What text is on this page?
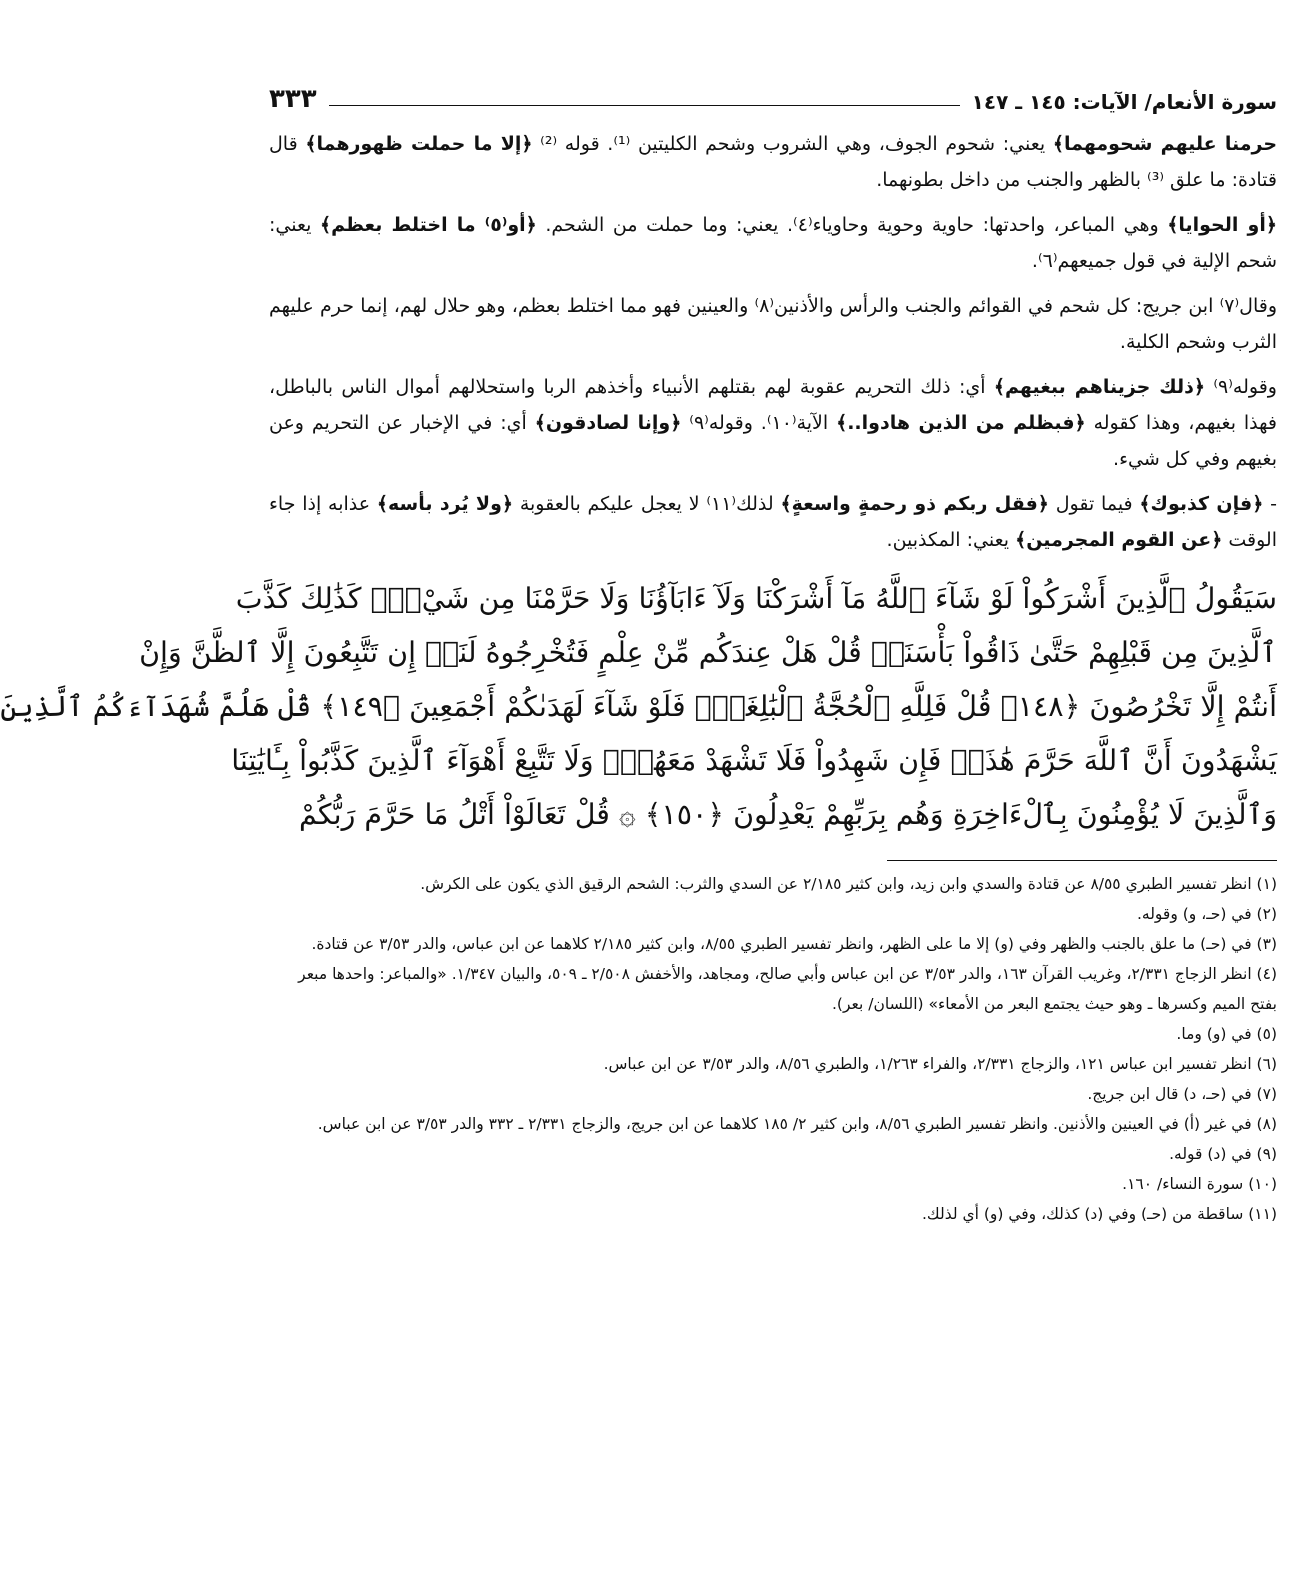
سورة الأنعام/ الآيات: ١٤٥ ـ ١٤٧
٣٣٣

حرمنا عليهم شحومهما﴾ يعني: شحوم الجوف، وهي الشروب وشحم الكليتين ⁽¹⁾. قوله ⁽²⁾ ﴿إلا ما حملت ظهورهما﴾ قال قتادة: ما علق ⁽³⁾ بالظهر والجنب من داخل بطونهما.

﴿أو الحوايا﴾ وهي المباعر، واحدتها: حاوية وحوية وحاوياء⁽٤⁾. يعني: وما حملت من الشحم. ﴿أو⁽٥⁾ ما اختلط بعظم﴾ يعني: شحم الإلية في قول جميعهم⁽٦⁾.

وقال⁽٧⁾ ابن جريج: كل شحم في القوائم والجنب والرأس والأذنين⁽٨⁾ والعينين فهو مما اختلط بعظم، وهو حلال لهم، إنما حرم عليهم الثرب وشحم الكلية.

وقوله⁽٩⁾ ﴿ذلك جزيناهم ببغيهم﴾ أي: ذلك التحريم عقوبة لهم بقتلهم الأنبياء وأخذهم الربا واستحلالهم أموال الناس بالباطل، فهذا بغيهم، وهذا كقوله ﴿فبظلم من الذين هادوا..﴾ الآية⁽١٠⁾. وقوله⁽٩⁾ ﴿وإنا لصادقون﴾ أي: في الإخبار عن التحريم وعن بغيهم وفي كل شيء.

- ﴿فإن كذبوك﴾ فيما تقول ﴿فقل ربكم ذو رحمةٍ واسعةٍ﴾ لذلك⁽١١⁾ لا يعجل عليكم بالعقوبة ﴿ولا يُرد بأسه﴾ عذابه إذا جاء الوقت ﴿عن القوم المجرمين﴾ يعني: المكذبين.

سَيَقُولُ ٱلَّذِينَ أَشْرَكُواْ لَوْ شَآءَ ٱللَّهُ مَآ أَشْرَكْنَا وَلَآ ءَابَآؤُنَا وَلَا حَرَّمْنَا مِن شَيْءٍۚ كَذَٰلِكَ كَذَّبَ
ٱلَّذِينَ مِن قَبْلِهِمْ حَتَّىٰ ذَاقُواْ بَأْسَنَاۗ قُلْ هَلْ عِندَكُم مِّنْ عِلْمٍ فَتُخْرِجُوهُ لَنَآۖ إِن تَتَّبِعُونَ إِلَّا ٱلظَّنَّ وَإِنْ
أَنتُمْ إِلَّا تَخْرُصُونَ ﴿١٤٨﴾ قُلْ فَلِلَّهِ ٱلْحُجَّةُ ٱلْبَٰلِغَةُۖ فَلَوْ شَآءَ لَهَدَىٰكُمْ أَجْمَعِينَ ﴿١٤٩﴾ قُلْ هَلُمَّ شُهَدَآءَكُمُ ٱلَّذِينَ
يَشْهَدُونَ أَنَّ ٱللَّهَ حَرَّمَ هَٰذَاۖ فَإِن شَهِدُواْ فَلَا تَشْهَدْ مَعَهُمْۚ وَلَا تَتَّبِعْ أَهْوَآءَ ٱلَّذِينَ كَذَّبُواْ بِـَٔايَٰتِنَا
وَٱلَّذِينَ لَا يُؤْمِنُونَ بِٱلْءَاخِرَةِ وَهُم بِرَبِّهِمْ يَعْدِلُونَ ﴿١٥٠﴾ ۞ قُلْ تَعَالَوْاْ أَتْلُ مَا حَرَّمَ رَبُّكُمْ

(١) انظر تفسير الطبري ٨/٥٥ عن قتادة والسدي وابن زيد، وابن كثير ٢/١٨٥ عن السدي والثرب: الشحم الرقيق الذي يكون على الكرش.

(٢) في (حـ، و) وقوله.

(٣) في (حـ) ما علق بالجنب والظهر وفي (و) إلا ما على الظهر، وانظر تفسير الطبري ٨/٥٥، وابن كثير ٢/١٨٥ كلاهما عن ابن عباس، والدر ٣/٥٣ عن قتادة.

(٤) انظر الزجاج ٢/٣٣١، وغريب القرآن ١٦٣، والدر ٣/٥٣ عن ابن عباس وأبي صالح، ومجاهد، والأخفش ٢/٥٠٨ ـ ٥٠٩، والبيان ١/٣٤٧. «والمباعر: واحدها مبعر بفتح الميم وكسرها ـ وهو حيث يجتمع البعر من الأمعاء» (اللسان/ بعر).

(٥) في (و) وما.

(٦) انظر تفسير ابن عباس ١٢١، والزجاج ٢/٣٣١، والفراء ١/٢٦٣، والطبري ٨/٥٦، والدر ٣/٥٣ عن ابن عباس.

(٧) في (حـ، د) قال ابن جريج.

(٨) في غير (أ) في العينين والأذنين. وانظر تفسير الطبري ٨/٥٦، وابن كثير ٢/ ١٨٥ كلاهما عن ابن جريج، والزجاج ٢/٣٣١ ـ ٣٣٢ والدر ٣/٥٣ عن ابن عباس.

(٩) في (د) قوله.

(١٠) سورة النساء/ ١٦٠.

(١١) ساقطة من (حـ) وفي (د) كذلك، وفي (و) أي لذلك.
